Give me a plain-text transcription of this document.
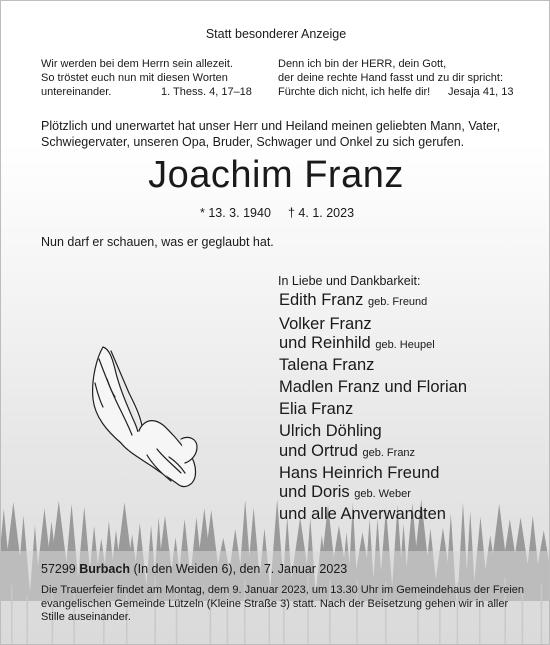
Statt besonderer Anzeige
Wir werden bei dem Herrn sein allezeit.
So tröstet euch nun mit diesen Worten
untereinander.	1. Thess. 4, 17–18
Denn ich bin der HERR, dein Gott,
der deine rechte Hand fasst und zu dir spricht:
Fürchte dich nicht, ich helfe dir! Jesaja 41, 13
Plötzlich und unerwartet hat unser Herr und Heiland meinen geliebten Mann, Vater,
Schwiegervater, unseren Opa, Bruder, Schwager und Onkel zu sich gerufen.
Joachim Franz
* 13. 3. 1940 † 4. 1. 2023
Nun darf er schauen, was er geglaubt hat.
In Liebe und Dankbarkeit:
Edith Franz geb. Freund
Volker Franz
und Reinhild geb. Heupel
Talena Franz
Madlen Franz und Florian
Elia Franz
Ulrich Döhling
und Ortrud geb. Franz
Hans Heinrich Freund
und Doris geb. Weber
und alle Anverwandten
57299 Burbach (In den Weiden 6), den 7. Januar 2023
Die Trauerfeier findet am Montag, dem 9. Januar 2023, um 13.30 Uhr im Gemeindehaus der Freien
evangelischen Gemeinde Lützeln (Kleine Straße 3) statt. Nach der Beisetzung gehen wir in aller
Stille auseinander.
